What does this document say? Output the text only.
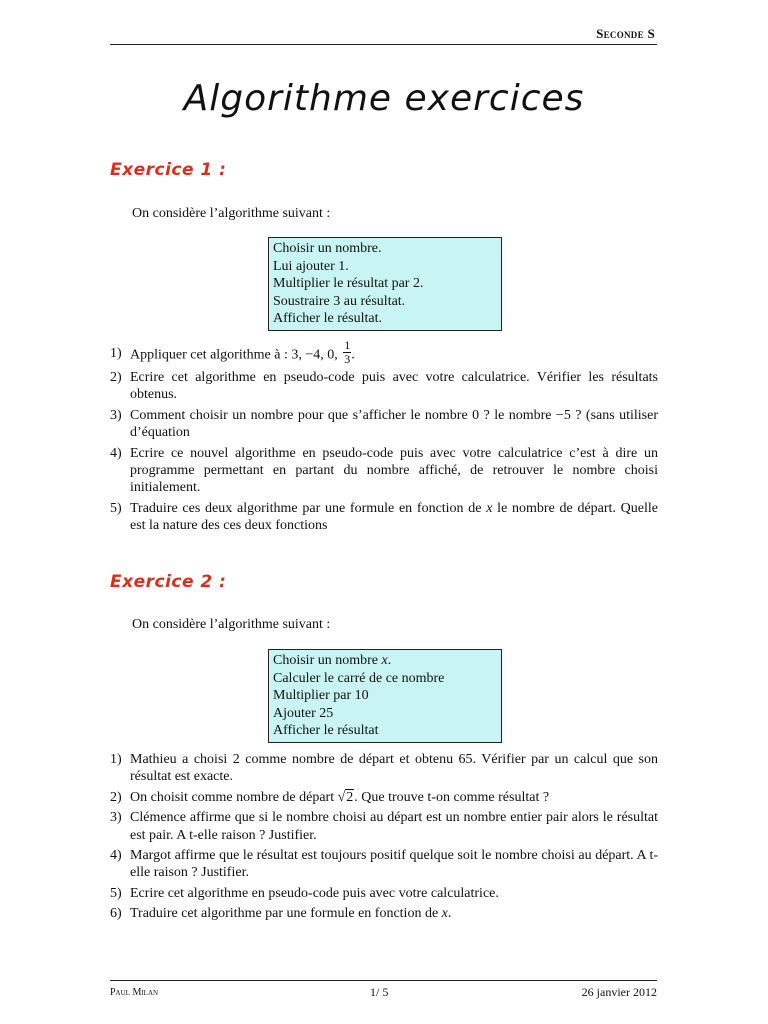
Seconde S
Algorithme exercices
Exercice 1 :
On considère l’algorithme suivant :
Choisir un nombre.
Lui ajouter 1.
Multiplier le résultat par 2.
Soustraire 3 au résultat.
Afficher le résultat.
1) Appliquer cet algorithme à : 3, −4, 0, $\frac{1}{3}$ .
2) Ecrire cet algorithme en pseudo-code puis avec votre calculatrice. Vérifier les résultats obtenus.
3) Comment choisir un nombre pour que s’afficher le nombre 0 ? le nombre −5 ? (sans utiliser d’équation
4) Ecrire ce nouvel algorithme en pseudo-code puis avec votre calculatrice c’est à dire un programme permettant en partant du nombre affiché, de retrouver le nombre choisi initialement.
5) Traduire ces deux algorithme par une formule en fonction de x le nombre de départ. Quelle est la nature des ces deux fonctions
Exercice 2 :
On considère l’algorithme suivant :
Choisir un nombre x.
Calculer le carré de ce nombre
Multiplier par 10
Ajouter 25
Afficher le résultat
1) Mathieu a choisi 2 comme nombre de départ et obtenu 65. Vérifier par un calcul que son résultat est exacte.
2) On choisit comme nombre de départ √2. Que trouve t-on comme résultat ?
3) Clémence affirme que si le nombre choisi au départ est un nombre entier pair alors le résultat est pair. A t-elle raison ? Justifier.
4) Margot affirme que le résultat est toujours positif quelque soit le nombre choisi au départ. A t-elle raison ? Justifier.
5) Ecrire cet algorithme en pseudo-code puis avec votre calculatrice.
6) Traduire cet algorithme par une formule en fonction de x.
Paul Milan	1/ 5	26 janvier 2012
